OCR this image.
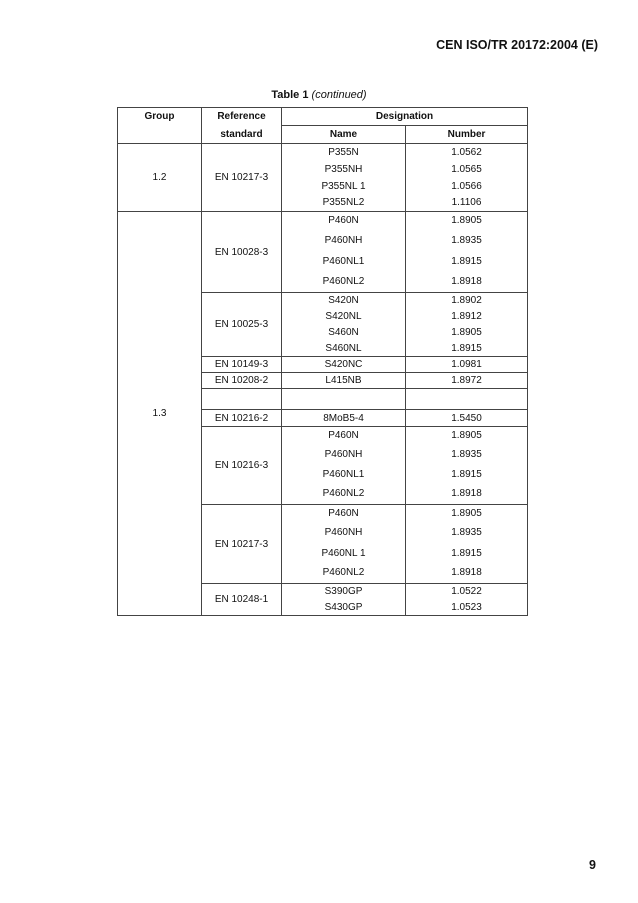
CEN ISO/TR 20172:2004 (E)
Table 1 (continued)
Group	Reference	Designation	
	standard	Name	Number
1.2	EN 10217-3	P355N	1.0562
		P355NH	1.0565
		P355NL 1	1.0566
		P355NL2	1.1106
1.3	EN 10028-3	P460N	1.8905
		P460NH	1.8935
		P460NL1	1.8915
		P460NL2	1.8918
	EN 10025-3	S420N	1.8902
		S420NL	1.8912
		S460N	1.8905
		S460NL	1.8915
	EN 10149-3	S420NC	1.0981
	EN 10208-2	L415NB	1.8972

	EN 10216-2	8MoB5-4	1.5450
	EN 10216-3	P460N	1.8905
		P460NH	1.8935
		P460NL1	1.8915
		P460NL2	1.8918
	EN 10217-3	P460N	1.8905
		P460NH	1.8935
		P460NL 1	1.8915
		P460NL2	1.8918
	EN 10248-1	S390GP	1.0522
		S430GP	1.0523
9
